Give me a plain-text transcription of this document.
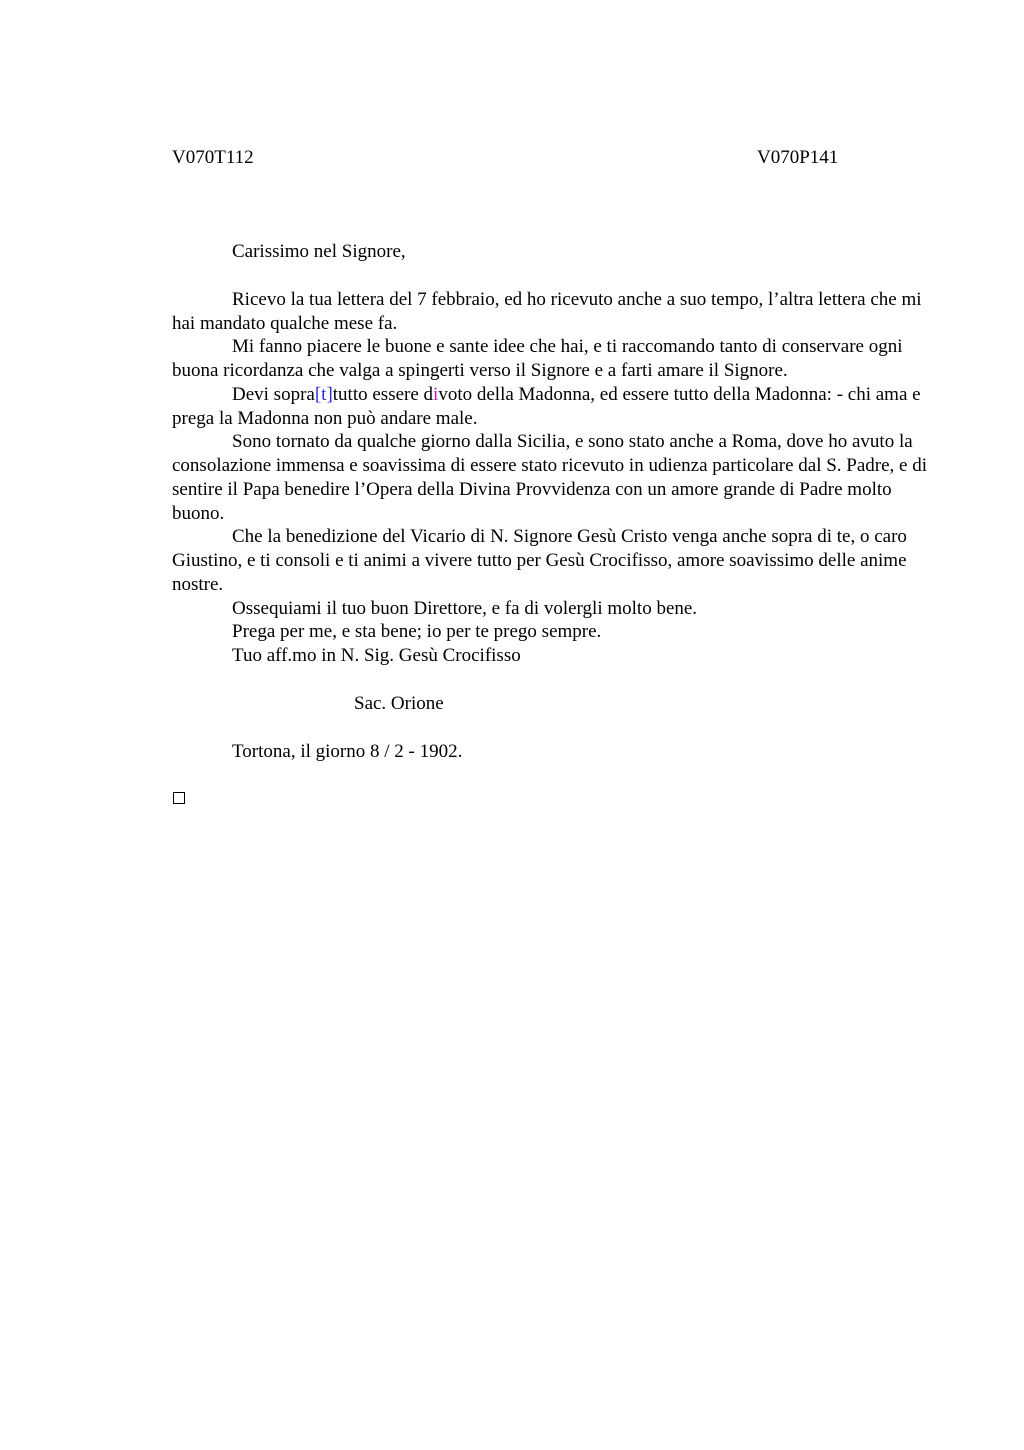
V070T112	V070P141

Carissimo nel Signore,

Ricevo la tua lettera del 7 febbraio, ed ho ricevuto anche a suo tempo, l’altra lettera che mi hai mandato qualche mese fa.

Mi fanno piacere le buone e sante idee che hai, e ti raccomando tanto di conservare ogni buona ricordanza che valga a spingerti verso il Signore e a farti amare il Signore.

Devi sopra[t]tutto essere divoto della Madonna, ed essere tutto della Madonna: - chi ama e prega la Madonna non può andare male.

Sono tornato da qualche giorno dalla Sicilia, e sono stato anche a Roma, dove ho avuto la consolazione immensa e soavissima di essere stato ricevuto in udienza particolare dal S. Padre, e di sentire il Papa benedire l’Opera della Divina Provvidenza con un amore grande di Padre molto buono.

Che la benedizione del Vicario di N. Signore Gesù Cristo venga anche sopra di te, o caro Giustino, e ti consoli e ti animi a vivere tutto per Gesù Crocifisso, amore soavissimo delle anime nostre.

Ossequiami il tuo buon Direttore, e fa di volergli molto bene.

Prega per me, e sta bene; io per te prego sempre.

Tuo aff.mo in N. Sig. Gesù Crocifisso

Sac. Orione

Tortona, il giorno 8 / 2 - 1902.
